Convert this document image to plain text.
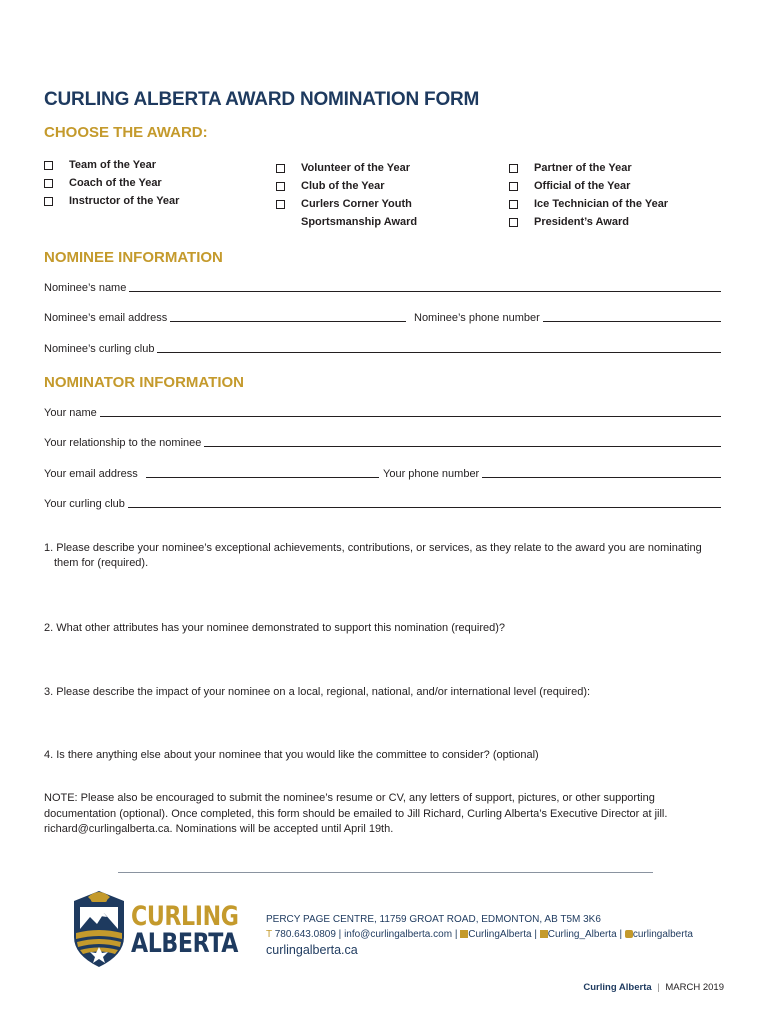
CURLING ALBERTA AWARD NOMINATION FORM
CHOOSE THE AWARD:
Team of the Year
Coach of the Year
Instructor of the Year
Volunteer of the Year
Club of the Year
Curlers Corner Youth
Sportsmanship Award
Partner of the Year
Official of the Year
Ice Technician of the Year
President’s Award
NOMINEE INFORMATION
Nominee’s name
Nominee’s email address	Nominee’s phone number
Nominee’s curling club
NOMINATOR INFORMATION
Your name
Your relationship to the nominee
Your email address	Your phone number
Your curling club
1. Please describe your nominee’s exceptional achievements, contributions, or services, as they relate to the award you are nominating them for (required).
2. What other attributes has your nominee demonstrated to support this nomination (required)?
3. Please describe the impact of your nominee on a local, regional, national, and/or international level (required):
4. Is there anything else about your nominee that you would like the committee to consider? (optional)
NOTE: Please also be encouraged to submit the nominee’s resume or CV, any letters of support, pictures, or other supporting documentation (optional). Once completed, this form should be emailed to Jill Richard, Curling Alberta’s Executive Director at jill. richard@curlingalberta.ca. Nominations will be accepted until April 19th.
CURLING
ALBERTA
PERCY PAGE CENTRE, 11759 GROAT ROAD, EDMONTON, AB T5M 3K6
T 780.643.0809 | info@curlingalberta.com | CurlingAlberta | Curling_Alberta | curlingalberta
curlingalberta.ca
Curling Alberta | MARCH 2019
